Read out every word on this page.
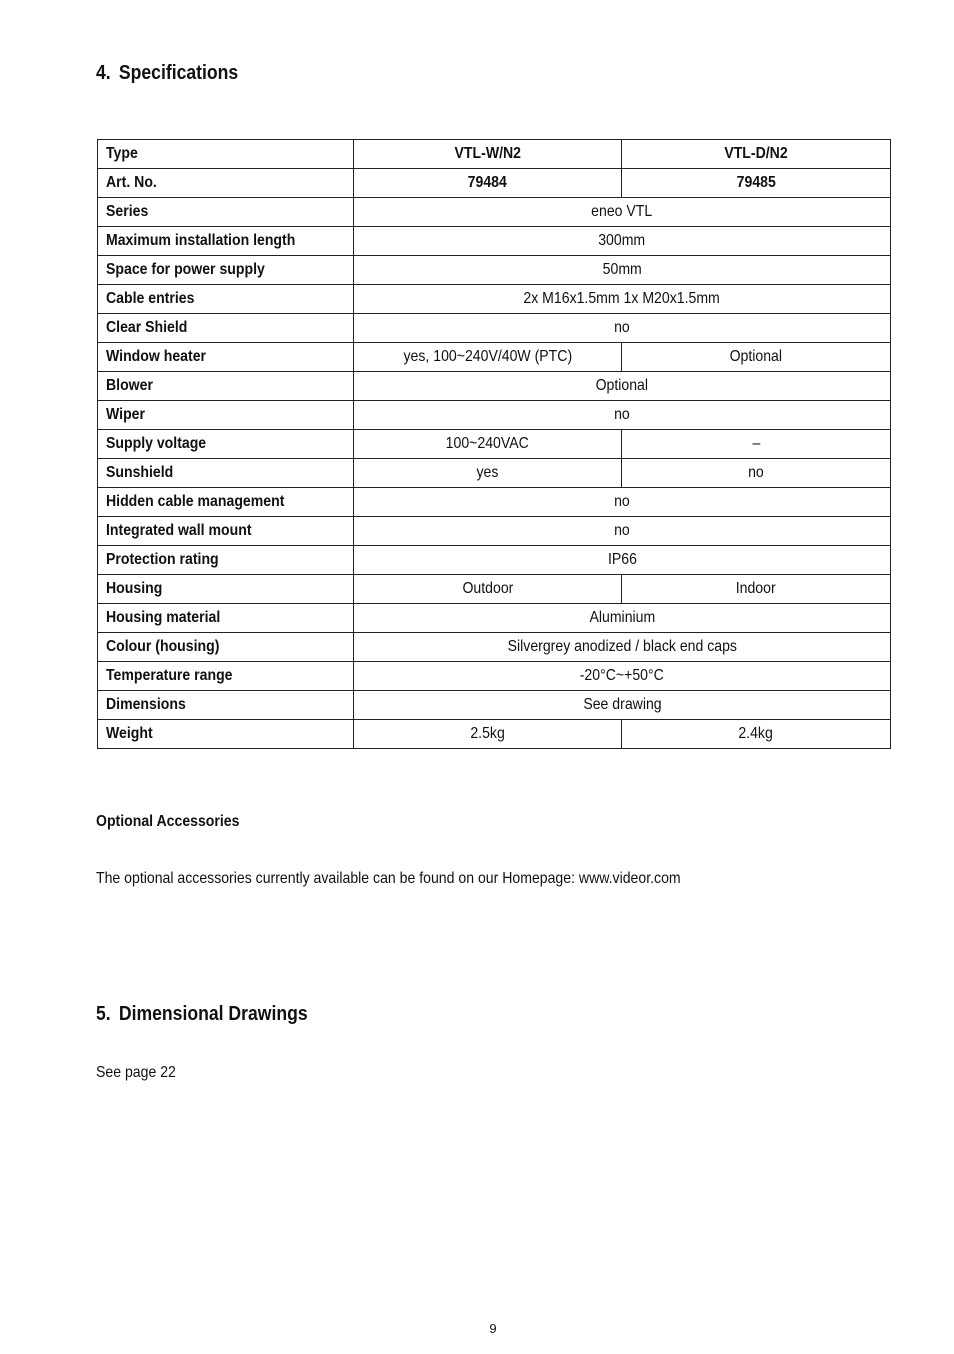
4. Specifications
Type	VTL-W/N2	VTL-D/N2
Art. No.	79484	79485
Series	eneo VTL	
Maximum installation length	300mm	
Space for power supply	50mm	
Cable entries	2x M16x1.5mm 1x M20x1.5mm	
Clear Shield	no	
Window heater	yes, 100~240V/40W (PTC)	Optional
Blower	Optional	
Wiper	no	
Supply voltage	100~240VAC	–
Sunshield	yes	no
Hidden cable management	no	
Integrated wall mount	no	
Protection rating	IP66	
Housing	Outdoor	Indoor
Housing material	Aluminium	
Colour (housing)	Silvergrey anodized / black end caps	
Temperature range	-20°C~+50°C	
Dimensions	See drawing	
Weight	2.5kg	2.4kg
Optional Accessories
The optional accessories currently available can be found on our Homepage: www.videor.com
5. Dimensional Drawings
See page 22
9
